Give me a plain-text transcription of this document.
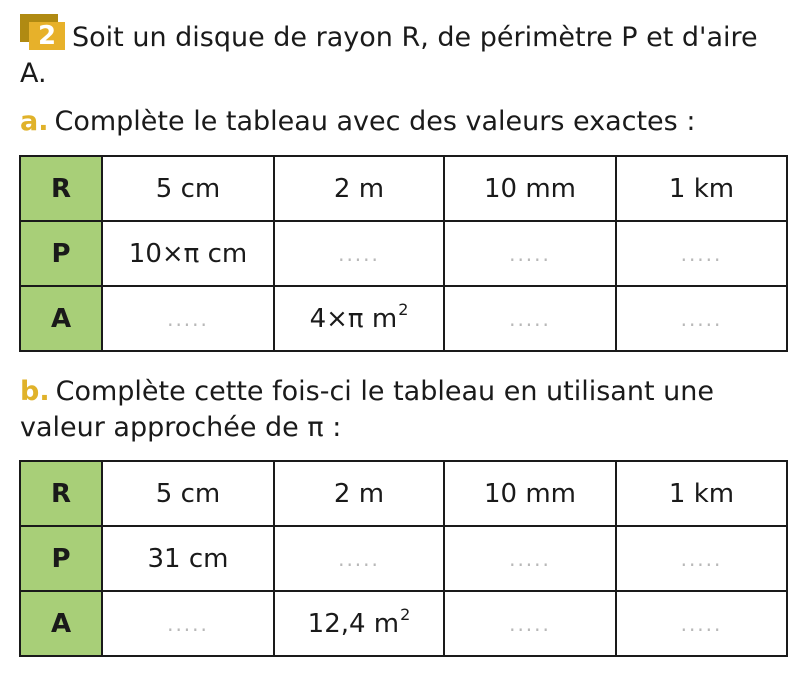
2 Soit un disque de rayon R, de périmètre P et d'aire A.

a. Complète le tableau avec des valeurs exactes :

R	5 cm	2 m	10 mm	1 km
P	10×π cm	.....	.....	.....
A	.....	4×π $m^2$	.....	.....

b. Complète cette fois-ci le tableau en utilisant une valeur approchée de π :

R	5 cm	2 m	10 mm	1 km
P	31 cm	.....	.....	.....
A	.....	12,4 $m^2$	.....	.....
